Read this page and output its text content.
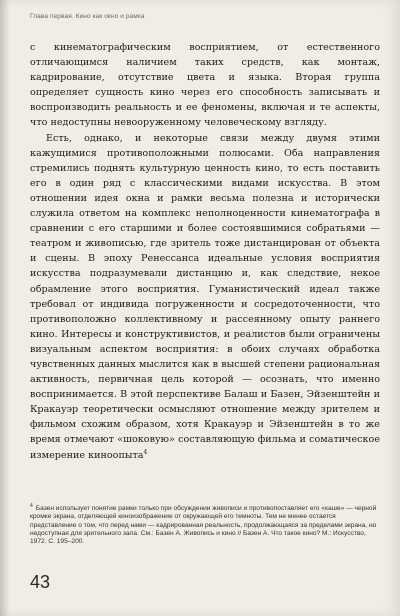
Глава первая. Кино как окно и рамка

с кинематографическим восприятием, от естественного отличающимся наличием таких средств, как монтаж, кадрирование, отсутствие цвета и языка. Вторая группа определяет сущность кино через его способность записывать и воспроизводить реальность и ее феномены, включая и те аспекты, что недоступны невооруженному человеческому взгляду.

Есть, однако, и некоторые связи между двумя этими кажущимися противоположными полюсами. Оба направления стремились поднять культурную ценность кино, то есть поставить его в один ряд с классическими видами искусства. В этом отношении идея окна и рамки весьма полезна и исторически служила ответом на комплекс неполноценности кинематографа в сравнении с его старшими и более состоявшимися собратьями — театром и живописью, где зритель тоже дистанцирован от объекта и сцены. В эпоху Ренессанса идеальные условия восприятия искусства подразумевали дистанцию и, как следствие, некое обрамление этого восприятия. Гуманистический идеал также требовал от индивида погруженности и сосредоточенности, что противоположно коллективному и рассеянному опыту раннего кино. Интересы и конструктивистов, и реалистов были ограничены визуальным аспектом восприятия: в обоих случаях обработка чувственных данных мыслится как в высшей степени рациональная активность, первичная цель которой — осознать, что именно воспринимается. В этой перспективе Балаш и Базен, Эйзенштейн и Кракауэр теоретически осмысляют отношение между зрителем и фильмом схожим образом, хотя Кракауэр и Эйзенштейн в то же время отмечают «шоковую» составляющую фильма и соматическое измерение киноопыта$^4$

$^4$ Базен использует понятие рамки только при обсуждении живописи и противопоставляет его «каше» — черной кромке экрана, отделяющей киноизображение от окружающей его темноты. Тем не менее остается представление о том, что перед нами — кадрированная реальность, продолжающаяся за пределами экрана, но недоступная для зрительного зала. См.: Базен А. Живопись и кино // Базен А. Что такое кино? М.: Искусство, 1972. С. 195–200.
43
